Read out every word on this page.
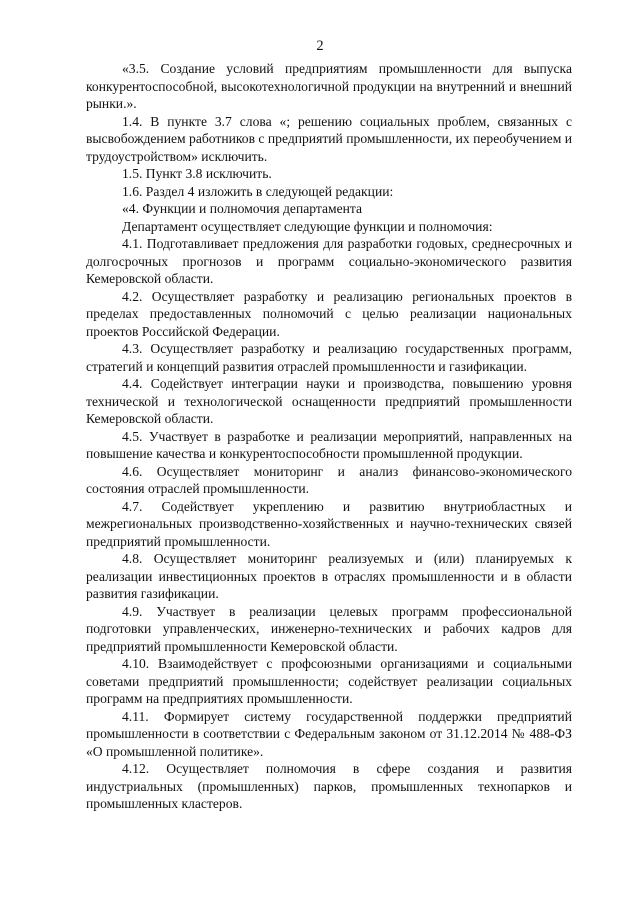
2

«3.5. Создание условий предприятиям промышленности для выпуска конкурентоспособной, высокотехнологичной продукции на внутренний и внешний рынки.».

1.4. В пункте 3.7 слова «; решению социальных проблем, связанных с высвобождением работников с предприятий промышленности, их переобучением и трудоустройством» исключить.

1.5. Пункт 3.8 исключить.

1.6. Раздел 4 изложить в следующей редакции:

«4. Функции и полномочия департамента

Департамент осуществляет следующие функции и полномочия:

4.1. Подготавливает предложения для разработки годовых, среднесрочных и долгосрочных прогнозов и программ социально-экономического развития Кемеровской области.

4.2. Осуществляет разработку и реализацию региональных проектов в пределах предоставленных полномочий с целью реализации национальных проектов Российской Федерации.

4.3. Осуществляет разработку и реализацию государственных программ, стратегий и концепций развития отраслей промышленности и газификации.

4.4. Содействует интеграции науки и производства, повышению уровня технической и технологической оснащенности предприятий промышленности Кемеровской области.

4.5. Участвует в разработке и реализации мероприятий, направленных на повышение качества и конкурентоспособности промышленной продукции.

4.6. Осуществляет мониторинг и анализ финансово-экономического состояния отраслей промышленности.

4.7. Содействует укреплению и развитию внутриобластных и межрегиональных производственно-хозяйственных и научно-технических связей предприятий промышленности.

4.8. Осуществляет мониторинг реализуемых и (или) планируемых к реализации инвестиционных проектов в отраслях промышленности и в области развития газификации.

4.9. Участвует в реализации целевых программ профессиональной подготовки управленческих, инженерно-технических и рабочих кадров для предприятий промышленности Кемеровской области.

4.10. Взаимодействует с профсоюзными организациями и социальными советами предприятий промышленности; содействует реализации социальных программ на предприятиях промышленности.

4.11. Формирует систему государственной поддержки предприятий промышленности в соответствии с Федеральным законом от 31.12.2014 № 488-ФЗ «О промышленной политике».

4.12. Осуществляет полномочия в сфере создания и развития индустриальных (промышленных) парков, промышленных технопарков и промышленных кластеров.
